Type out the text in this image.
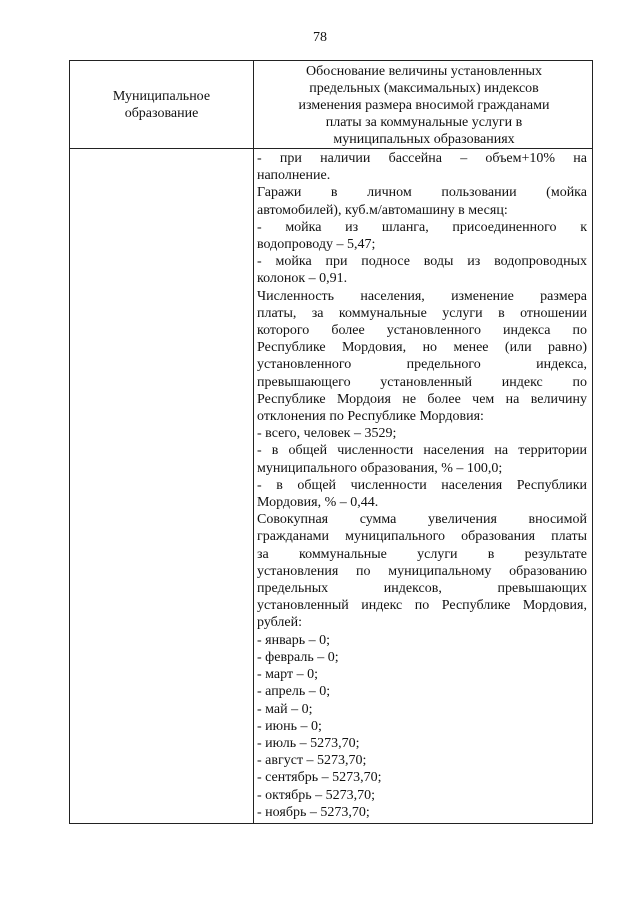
78
Муниципальное
образование
Обоснование величины установленных
предельных (максимальных) индексов
изменения размера вносимой гражданами
платы за коммунальные услуги в
муниципальных образованиях
- при наличии бассейна – объем+10% на
наполнение.
Гаражи в личном пользовании (мойка
автомобилей), куб.м/автомашину в месяц:
- мойка из шланга, присоединенного к
водопроводу – 5,47;
- мойка при подносе воды из водопроводных
колонок – 0,91.
Численность населения, изменение размера
платы, за коммунальные услуги в отношении
которого более установленного индекса по
Республике Мордовия, но менее (или равно)
установленного предельного индекса,
превышающего установленный индекс по
Республике Мордоия не более чем на величину
отклонения по Республике Мордовия:
- всего, человек – 3529;
- в общей численности населения на территории
муниципального образования, % – 100,0;
- в общей численности населения Республики
Мордовия, % – 0,44.
Совокупная сумма увеличения вносимой
гражданами муниципального образования платы
за коммунальные услуги в результате
установления по муниципальному образованию
предельных индексов, превышающих
установленный индекс по Республике Мордовия,
рублей:
- январь – 0;
- февраль – 0;
- март – 0;
- апрель – 0;
- май – 0;
- июнь – 0;
- июль – 5273,70;
- август – 5273,70;
- сентябрь – 5273,70;
- октябрь – 5273,70;
- ноябрь – 5273,70;
